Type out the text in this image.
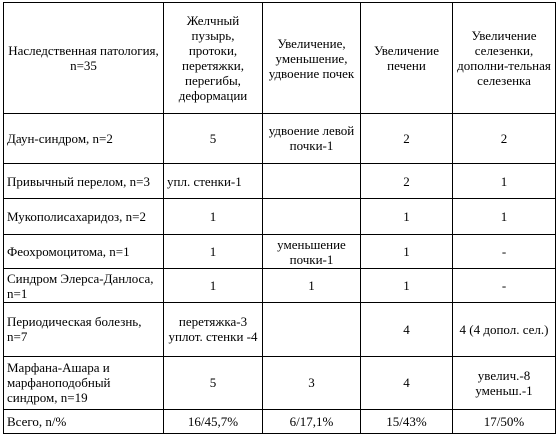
Наследственная патология, n=35	Желчный пузырь, протоки, перетяжки, перегибы, деформации	Увеличение, уменьшение, удвоение почек	Увеличение печени	Увеличение селезенки, дополни-тельная селезенка
Даун-синдром, n=2	5	удвоение левой почки-1	2	2
Привычный перелом, n=3	упл. стенки-1		2	1
Мукополисахаридоз, n=2	1		1	1
Феохромоцитома, n=1	1	уменьшение почки-1	1	-
Синдром Элерса-Данлоса, n=1	1	1	1	-
Периодическая болезнь, n=7	перетяжка-3 уплот. стенки -4		4	4 (4 допол. сел.)
Марфана-Ашара и марфаноподобный синдром, n=19	5	3	4	увелич.-8 уменьш.-1
Всего, n/%	16/45,7%	6/17,1%	15/43%	17/50%
